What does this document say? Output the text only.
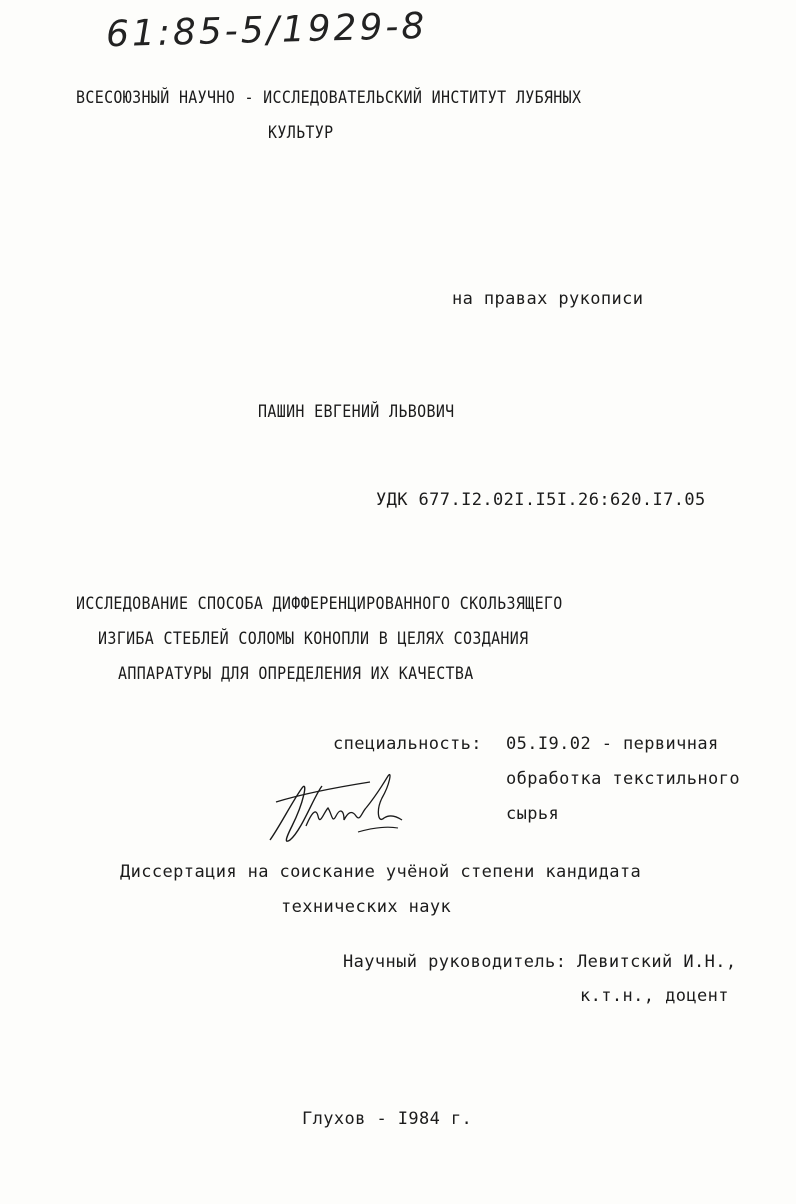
61:85-5/1929-8
ВСЕСОЮЗНЫЙ НАУЧНО - ИССЛЕДОВАТЕЛЬСКИЙ ИНСТИТУТ ЛУБЯНЫХ
КУЛЬТУР
на правах рукописи
ПАШИН ЕВГЕНИЙ ЛЬВОВИЧ
УДК 677.I2.02I.I5I.26:620.I7.05
ИССЛЕДОВАНИЕ СПОСОБА ДИФФЕРЕНЦИРОВАННОГО СКОЛЬЗЯЩЕГО
ИЗГИБА СТЕБЛЕЙ СОЛОМЫ КОНОПЛИ В ЦЕЛЯХ СОЗДАНИЯ
АППАРАТУРЫ ДЛЯ ОПРЕДЕЛЕНИЯ ИХ КАЧЕСТВА
специальность: 05.I9.02 - первичная
обработка текстильного
сырья
Диссертация на соискание учёной степени кандидата
технических наук
Научный руководитель: Левитский И.Н.,
к.т.н., доцент
Глухов - I984 г.
